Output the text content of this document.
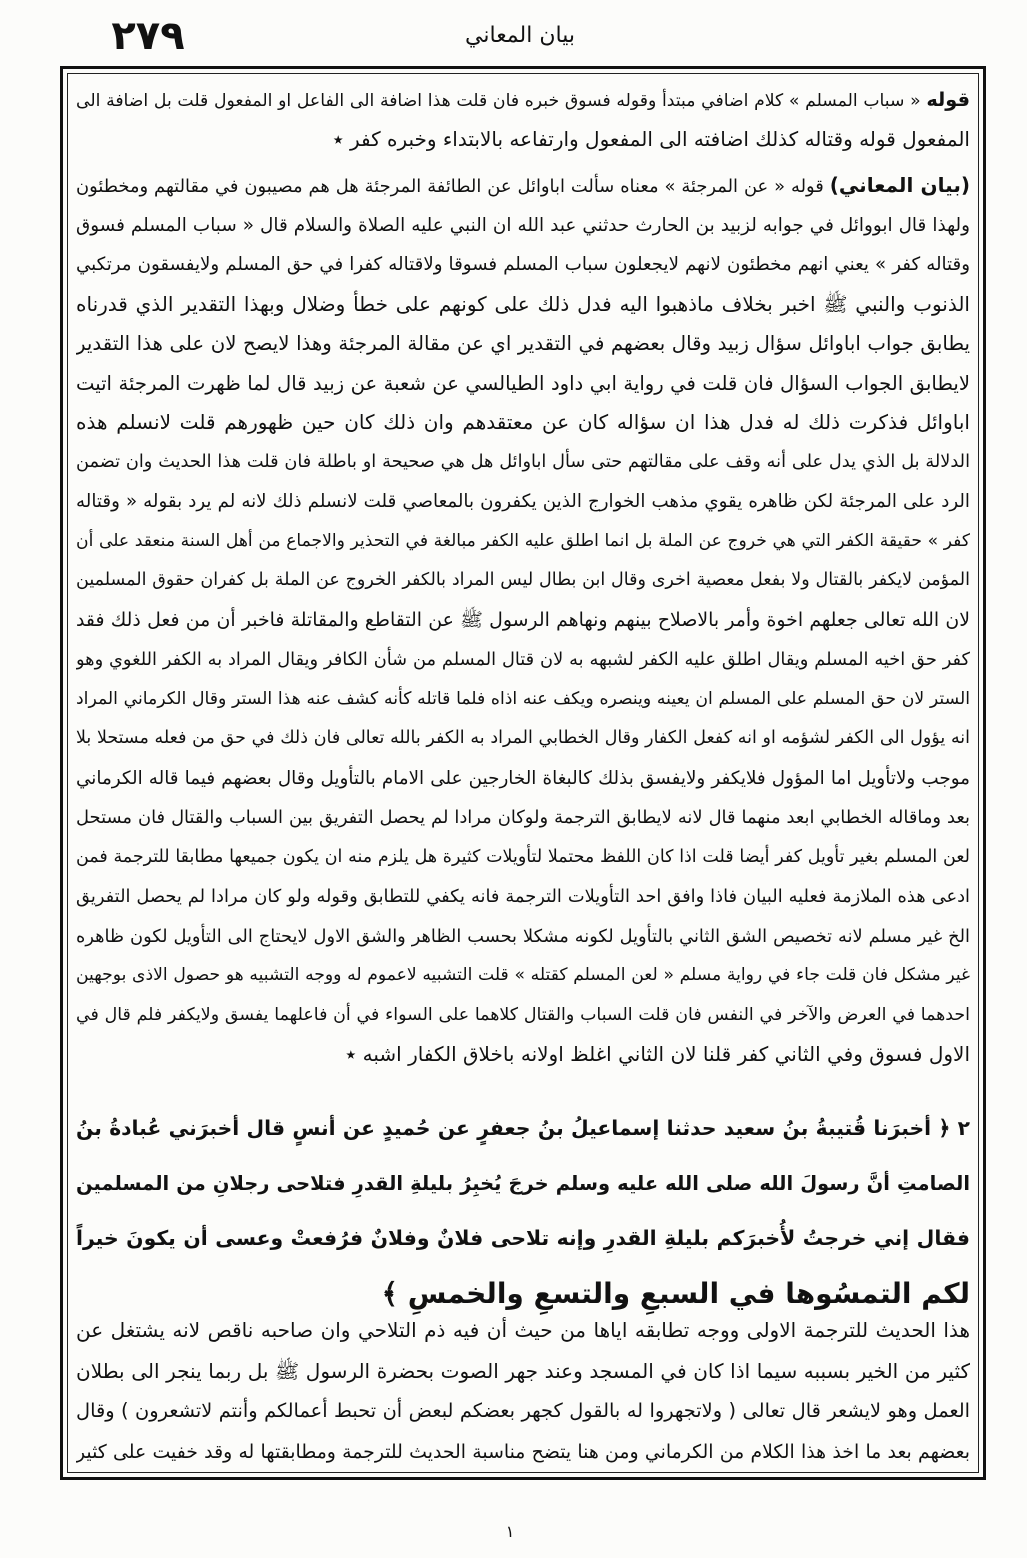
٢٧٩	بيان المعاني
قوله « سباب المسلم » كلام اضافي مبتدأ وقوله فسوق خبره فان قلت هذا اضافة الى الفاعل او المفعول قلت بل اضافة الى
المفعول قوله وقتاله كذلك اضافته الى المفعول وارتفاعه بالابتداء وخبره كفر ٭
(بيان المعاني) قوله « عن المرجئة » معناه سألت اباوائل عن الطائفة المرجئة هل هم مصيبون في مقالتهم ومخطئون
ولهذا قال ابووائل في جوابه لزبيد بن الحارث حدثني عبد الله ان النبي عليه الصلاة والسلام قال « سباب المسلم فسوق
وقتاله كفر » يعني انهم مخطئون لانهم لايجعلون سباب المسلم فسوقا ولاقتاله كفرا في حق المسلم ولايفسقون مرتكبي
الذنوب والنبي ﷺ اخبر بخلاف ماذهبوا اليه فدل ذلك على كونهم على خطأ وضلال وبهذا التقدير الذي قدرناه
يطابق جواب اباوائل سؤال زبيد وقال بعضهم في التقدير اي عن مقالة المرجئة وهذا لايصح لان على هذا التقدير
لايطابق الجواب السؤال فان قلت في رواية ابي داود الطيالسي عن شعبة عن زبيد قال لما ظهرت المرجئة اتيت
اباوائل فذكرت ذلك له فدل هذا ان سؤاله كان عن معتقدهم وان ذلك كان حين ظهورهم قلت لانسلم هذه
الدلالة بل الذي يدل على أنه وقف على مقالتهم حتى سأل اباوائل هل هي صحيحة او باطلة فان قلت هذا الحديث وان تضمن
الرد على المرجئة لكن ظاهره يقوي مذهب الخوارج الذين يكفرون بالمعاصي قلت لانسلم ذلك لانه لم يرد بقوله « وقتاله
كفر » حقيقة الكفر التي هي خروج عن الملة بل انما اطلق عليه الكفر مبالغة في التحذير والاجماع من أهل السنة منعقد على أن
المؤمن لايكفر بالقتال ولا بفعل معصية اخرى وقال ابن بطال ليس المراد بالكفر الخروج عن الملة بل كفران حقوق المسلمين
لان الله تعالى جعلهم اخوة وأمر بالاصلاح بينهم ونهاهم الرسول ﷺ عن التقاطع والمقاتلة فاخبر أن من فعل ذلك فقد
كفر حق اخيه المسلم ويقال اطلق عليه الكفر لشبهه به لان قتال المسلم من شأن الكافر ويقال المراد به الكفر اللغوي وهو
الستر لان حق المسلم على المسلم ان يعينه وينصره ويكف عنه اذاه فلما قاتله كأنه كشف عنه هذا الستر وقال الكرماني المراد
انه يؤول الى الكفر لشؤمه او انه كفعل الكفار وقال الخطابي المراد به الكفر بالله تعالى فان ذلك في حق من فعله مستحلا بلا
موجب ولاتأويل اما المؤول فلايكفر ولايفسق بذلك كالبغاة الخارجين على الامام بالتأويل وقال بعضهم فيما قاله الكرماني
بعد وماقاله الخطابي ابعد منهما قال لانه لايطابق الترجمة ولوكان مرادا لم يحصل التفريق بين السباب والقتال فان مستحل
لعن المسلم بغير تأويل كفر أيضا قلت اذا كان اللفظ محتملا لتأويلات كثيرة هل يلزم منه ان يكون جميعها مطابقا للترجمة فمن
ادعى هذه الملازمة فعليه البيان فاذا وافق احد التأويلات الترجمة فانه يكفي للتطابق وقوله ولو كان مرادا لم يحصل التفريق
الخ غير مسلم لانه تخصيص الشق الثاني بالتأويل لكونه مشكلا بحسب الظاهر والشق الاول لايحتاج الى التأويل لكون ظاهره
غير مشكل فان قلت جاء في رواية مسلم « لعن المسلم كقتله » قلت التشبيه لاعموم له ووجه التشبيه هو حصول الاذى بوجهين
احدهما في العرض والآخر في النفس فان قلت السباب والقتال كلاهما على السواء في أن فاعلهما يفسق ولايكفر فلم قال في
الاول فسوق وفي الثاني كفر قلنا لان الثاني اغلظ اولانه باخلاق الكفار اشبه ٭
٢ ﴿ أخبرَنا قُتيبةُ بنُ سعيد حدثنا إسماعيلُ بنُ جعفرٍ عن حُميدٍ عن أنسٍ قال أخبرَني عُبادةُ بنُ
الصامتِ أنَّ رسولَ الله صلى الله عليه وسلم خرجَ يُخبِرُ بليلةِ القدرِ فتلاحى رجلانِ من المسلمين
فقال إني خرجتُ لأُخبرَكم بليلةِ القدرِ وإنه تلاحى فلانٌ وفلانٌ فرُفعتْ وعسى أن يكونَ خيراً
لكم التمسُوها في السبعِ والتسعِ والخمسِ ﴾
هذا الحديث للترجمة الاولى ووجه تطابقه اياها من حيث أن فيه ذم التلاحي وان صاحبه ناقص لانه يشتغل عن
كثير من الخير بسببه سيما اذا كان في المسجد وعند جهر الصوت بحضرة الرسول ﷺ بل ربما ينجر الى بطلان
العمل وهو لايشعر قال تعالى ( ولاتجهروا له بالقول كجهر بعضكم لبعض أن تحبط أعمالكم وأنتم لاتشعرون ) وقال
بعضهم بعد ما اخذ هذا الكلام من الكرماني ومن هنا يتضح مناسبة الحديث للترجمة ومطابقتها له وقد خفيت على كثير
١
